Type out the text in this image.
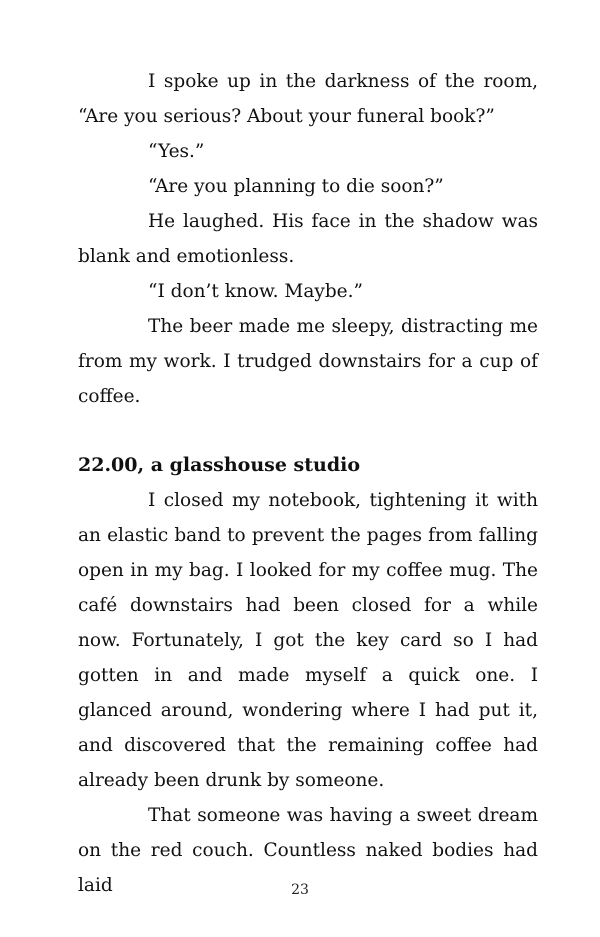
I spoke up in the darkness of the room, “Are you serious? About your funeral book?”

“Yes.”

“Are you planning to die soon?”

He laughed. His face in the shadow was blank and emotionless.

“I don’t know. Maybe.”

The beer made me sleepy, distracting me from my work. I trudged downstairs for a cup of coffee.

22.00, a glasshouse studio

I closed my notebook, tightening it with an elastic band to prevent the pages from falling open in my bag. I looked for my coffee mug. The café downstairs had been closed for a while now. Fortunately, I got the key card so I had gotten in and made myself a quick one. I glanced around, wondering where I had put it, and discovered that the remaining coffee had already been drunk by someone.

That someone was having a sweet dream on the red couch. Countless naked bodies had laid	23
